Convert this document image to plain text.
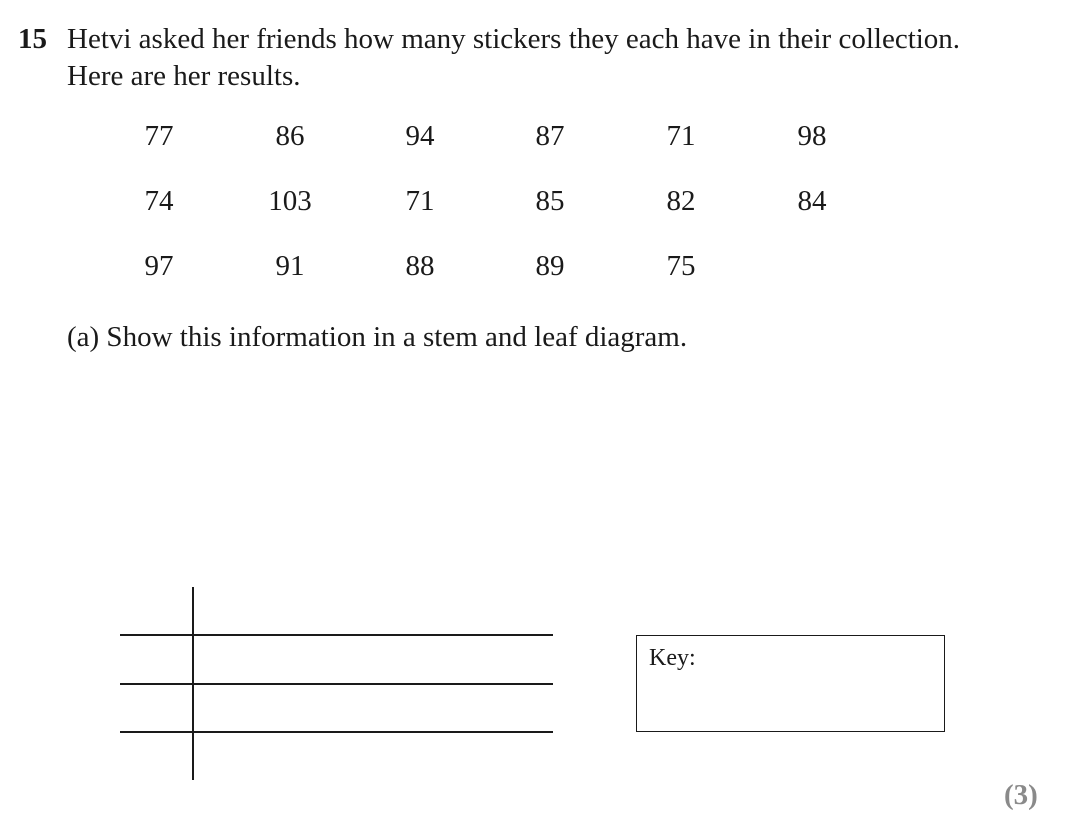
15 Hetvi asked her friends how many stickers they each have in their collection.
Here are her results.
77	86	94	87	71	98
74	103	71	85	82	84
97	91	88	89	75
(a) Show this information in a stem and leaf diagram.
Key:
(3)
